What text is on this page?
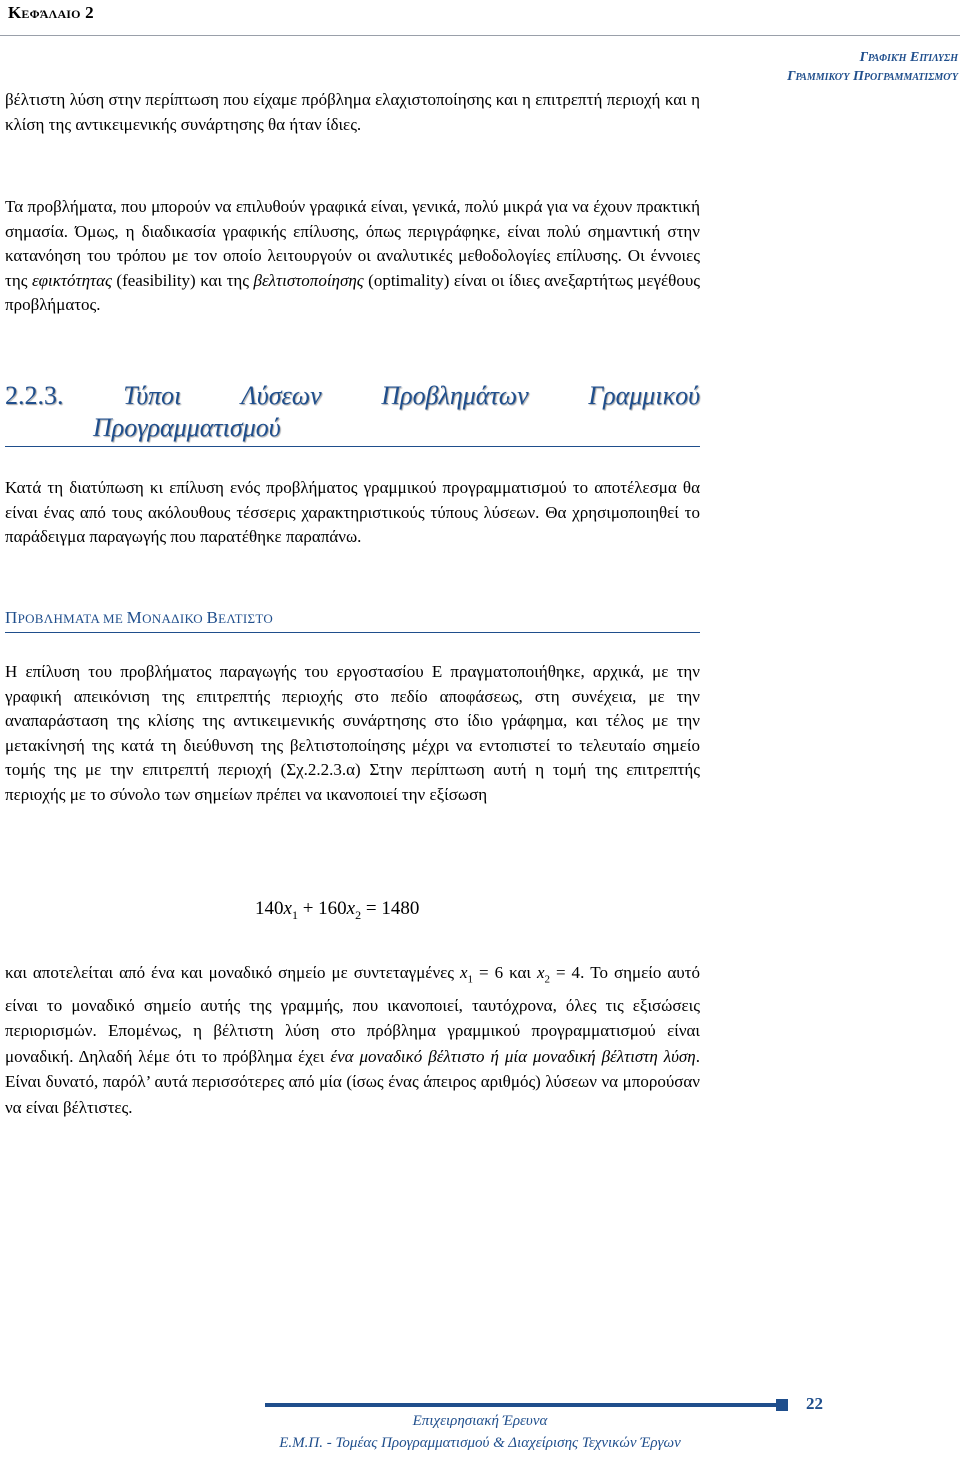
Κεφάλαιο 2
Γραφική Επίλυση
Γραμμικού Προγραμματισμού

βέλτιστη λύση στην περίπτωση που είχαμε πρόβλημα ελαχιστοποίησης και η επιτρεπτή περιοχή και η κλίση της αντικειμενικής συνάρτησης θα ήταν ίδιες.

Τα προβλήματα, που μπορούν να επιλυθούν γραφικά είναι, γενικά, πολύ μικρά για να έχουν πρακτική σημασία. Όμως, η διαδικασία γραφικής επίλυσης, όπως περιγράφηκε, είναι πολύ σημαντική στην κατανόηση του τρόπου με τον οποίο λειτουργούν οι αναλυτικές μεθοδολογίες επίλυσης. Οι έννοιες της εφικτότητας (feasibility) και της βελτιστοποίησης (optimality) είναι οι ίδιες ανεξαρτήτως μεγέθους προβλήματος.

2.2.3. Τύποι Λύσεων Προβλημάτων Γραμμικού
Προγραμματισμού

Κατά τη διατύπωση κι επίλυση ενός προβλήματος γραμμικού προγραμματισμού το αποτέλεσμα θα είναι ένας από τους ακόλουθους τέσσερις χαρακτηριστικούς τύπους λύσεων. Θα χρησιμοποιηθεί το παράδειγμα παραγωγής που παρατέθηκε παραπάνω.

ΠΡΟΒΛΗΜΑΤΑ ΜΕ ΜΟΝΑΔΙΚΟ ΒΕΛΤΙΣΤΟ

Η επίλυση του προβλήματος παραγωγής του εργοστασίου Ε πραγματοποιήθηκε, αρχικά, με την γραφική απεικόνιση της επιτρεπτής περιοχής στο πεδίο αποφάσεως, στη συνέχεια, με την αναπαράσταση της κλίσης της αντικειμενικής συνάρτησης στο ίδιο γράφημα, και τέλος με την μετακίνησή της κατά τη διεύθυνση της βελτιστοποίησης μέχρι να εντοπιστεί το τελευταίο σημείο τομής της με την επιτρεπτή περιοχή (Σχ.2.2.3.α) Στην περίπτωση αυτή η τομή της επιτρεπτής περιοχής με το σύνολο των σημείων πρέπει να ικανοποιεί την εξίσωση

$140x_1 + 160x_2 = 1480$

και αποτελείται από ένα και μοναδικό σημείο με συντεταγμένες $x_1 = 6$ και $x_2 = 4$. Το σημείο αυτό είναι το μοναδικό σημείο αυτής της γραμμής, που ικανοποιεί, ταυτόχρονα, όλες τις εξισώσεις περιορισμών. Επομένως, η βέλτιστη λύση στο πρόβλημα γραμμικού προγραμματισμού είναι μοναδική. Δηλαδή λέμε ότι το πρόβλημα έχει ένα μοναδικό βέλτιστο ή μία μοναδική βέλτιστη λύση. Είναι δυνατό, παρόλ’ αυτά περισσότερες από μία (ίσως ένας άπειρος αριθμός) λύσεων να μπορούσαν να είναι βέλτιστες.

22
Επιχειρησιακή Έρευνα
Ε.Μ.Π. - Τομέας Προγραμματισμού & Διαχείρισης Τεχνικών Έργων
